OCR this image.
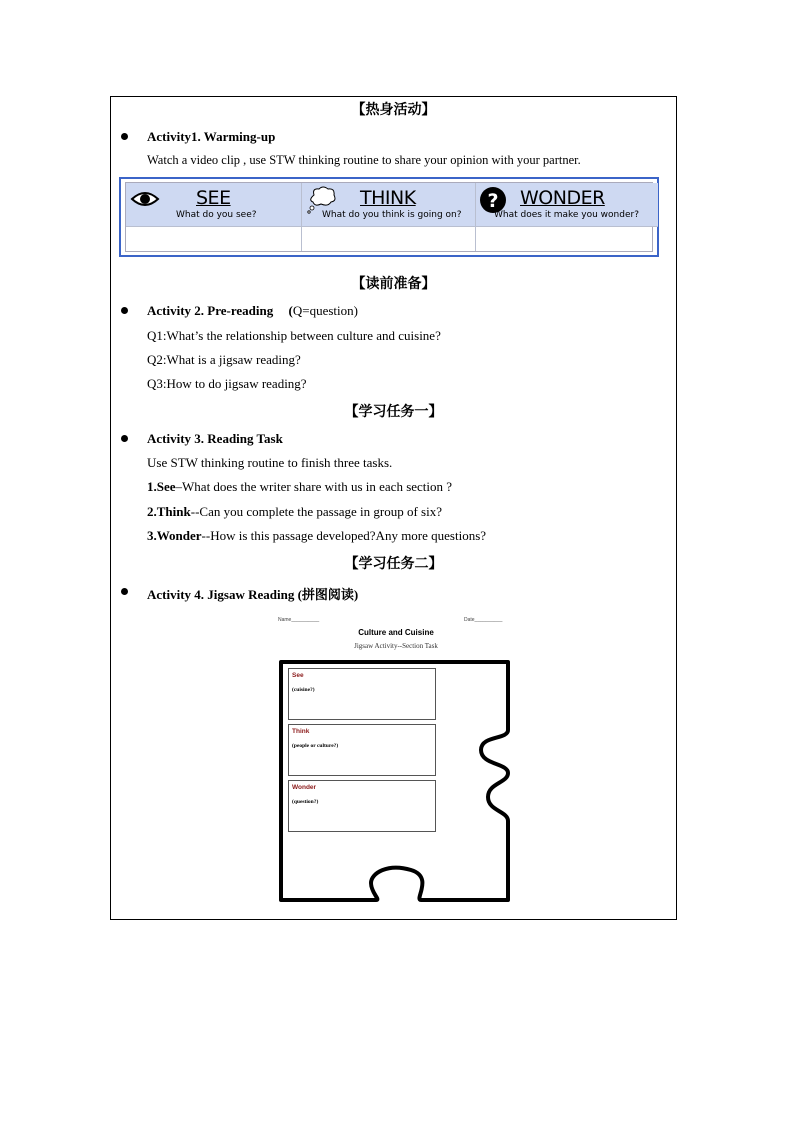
【热身活动】
Activity1. Warming-up
Watch a video clip , use STW thinking routine to share your opinion with your partner.
SEE
What do you see?
THINK
What do you think is going on?
? WONDER
What does it make you wonder?
【读前准备】
Activity 2. Pre-reading (Q=question)
Q1:What’s the relationship between culture and cuisine?
Q2:What is a jigsaw reading?
Q3:How to do jigsaw reading?
【学习任务一】
Activity 3. Reading Task
Use STW thinking routine to finish three tasks.
1.See–What does the writer share with us in each section ?
2.Think--Can you complete the passage in group of six?
3.Wonder--How is this passage developed?Any more questions?
【学习任务二】
Activity 4. Jigsaw Reading (拼图阅读)
Name__________	Date__________
Culture and Cuisine
Jigsaw Activity--Section Task
See
(cuisine?)
Think
(people or culture?)
Wonder
(question?)
